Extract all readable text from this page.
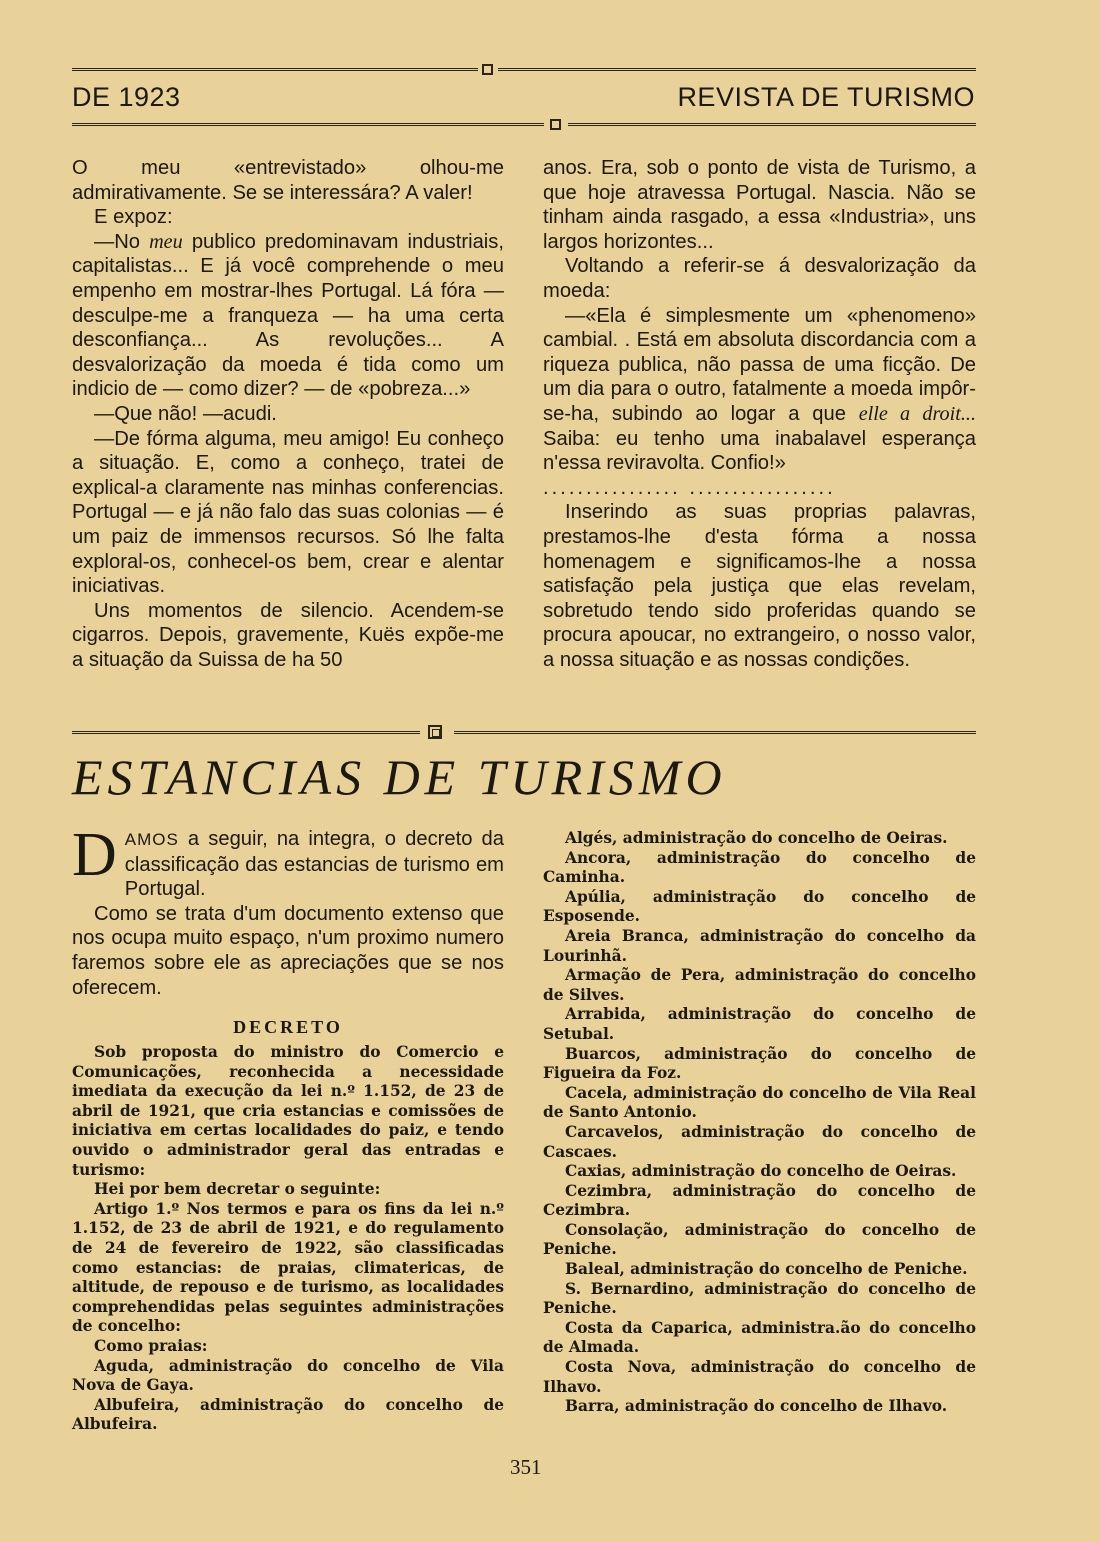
DE 1923	REVISTA DE TURISMO

O meu «entrevistado» olhou-me admirativamente. Se se interessára? A valer!

E expoz:

—No meu publico predominavam industriais, capitalistas... E já você comprehende o meu empenho em mostrar-lhes Portugal. Lá fóra — desculpe-me a franqueza — ha uma certa desconfiança... As revoluções... A desvalorização da moeda é tida como um indicio de — como dizer? — de «pobreza...»

—Que não! —acudi.

—De fórma alguma, meu amigo! Eu conheço a situação. E, como a conheço, tratei de explical-a claramente nas minhas conferencias. Portugal — e já não falo das suas colonias — é um paiz de immensos recursos. Só lhe falta exploral-os, conhecel-os bem, crear e alentar iniciativas.

Uns momentos de silencio. Acendem-se cigarros. Depois, gravemente, Kuës expõe-me a situação da Suissa de ha 50

anos. Era, sob o ponto de vista de Turismo, a que hoje atravessa Portugal. Nascia. Não se tinham ainda rasgado, a essa «Industria», uns largos horizontes...

Voltando a referir-se á desvalorização da moeda:

—«Ela é simplesmente um «phenomeno» cambial. . Está em absoluta discordancia com a riqueza publica, não passa de uma ficção. De um dia para o outro, fatalmente a moeda impôr-se-ha, subindo ao logar a que elle a droit... Saiba: eu tenho uma inabalavel esperança n'essa reviravolta. Confio!»

................ .................

Inserindo as suas proprias palavras, prestamos-lhe d'esta fórma a nossa homenagem e significamos-lhe a nossa satisfação pela justiça que elas revelam, sobretudo tendo sido proferidas quando se procura apoucar, no extrangeiro, o nosso valor, a nossa situação e as nossas condições.

ESTANCIAS DE TURISMO

DAMOS a seguir, na integra, o decreto da classificação das estancias de turismo em Portugal.

Como se trata d'um documento extenso que nos ocupa muito espaço, n'um proximo numero faremos sobre ele as apreciações que se nos oferecem.

DECRETO

Sob proposta do ministro do Comercio e Comunicações, reconhecida a necessidade imediata da execução da lei n.º 1.152, de 23 de abril de 1921, que cria estancias e comissões de iniciativa em certas localidades do paiz, e tendo ouvido o administrador geral das entradas e turismo:

Hei por bem decretar o seguinte:

Artigo 1.º Nos termos e para os fins da lei n.º 1.152, de 23 de abril de 1921, e do regulamento de 24 de fevereiro de 1922, são classificadas como estancias: de praias, climatericas, de altitude, de repouso e de turismo, as localidades comprehendidas pelas seguintes administrações de concelho:

Como praias:

Aguda, administração do concelho de Vila Nova de Gaya.

Albufeira, administração do concelho de Albufeira.

Algés, administração do concelho de Oeiras.

Ancora, administração do concelho de Caminha.

Apúlia, administração do concelho de Esposende.

Areia Branca, administração do concelho da Lourinhã.

Armação de Pera, administração do concelho de Silves.

Arrabida, administração do concelho de Setubal.

Buarcos, administração do concelho de Figueira da Foz.

Cacela, administração do concelho de Vila Real de Santo Antonio.

Carcavelos, administração do concelho de Cascaes.

Caxias, administração do concelho de Oeiras.

Cezimbra, administração do concelho de Cezimbra.

Consolação, administração do concelho de Peniche.

Baleal, administração do concelho de Peniche.

S. Bernardino, administração do concelho de Peniche.

Costa da Caparica, administra.ão do concelho de Almada.

Costa Nova, administração do concelho de Ilhavo.

Barra, administração do concelho de Ilhavo.

351
